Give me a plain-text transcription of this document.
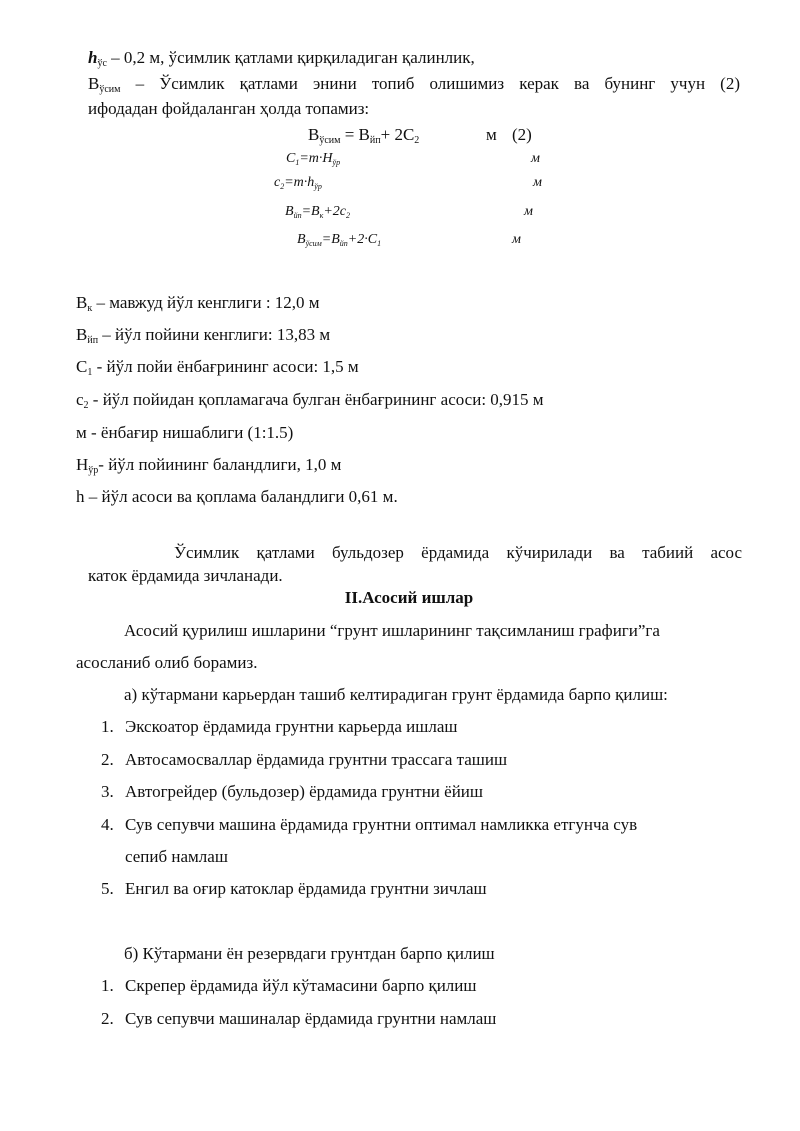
$h_{ўс} - 0,2$ м, ўсимлик қатлами қирқиладиган қалинлик,
$В_{ўсим}$ – Ўсимлик қатлами энини топиб олишимиз керак ва бунинг учун (2)
ифодадан фойдаланган ҳолда топамиз:
$В_{ўсим} = В_{йп}+ 2С_2$	м (2)
$C_1=m\cdot H_{ўр}$	м
$c_2=m\cdot h_{ўр}$	м
$B_{йп}=B_к+2c_2$	м
$B_{ўсим}=B_{йп}+2\cdot C_1$	м
$В_к$ – мавжуд йўл кенглиги : 12,0 м
$В_{йп}$ – йўл пойини кенглиги: 13,83 м
$С_1$ - йўл пойи ёнбағрининг асоси: 1,5 м
$с_2$ - йўл пойидан қопламагача булган ёнбағрининг асоси: 0,915 м
м - ёнбағир нишаблиги (1:1.5)
$Н_{ўр}-$ йўл пойининг баландлиги, 1,0 м
h – йўл асоси ва қоплама баландлиги 0,61 м.
Ўсимлик қатлами бульдозер ёрдамида кўчирилади ва табиий асос
каток ёрдамида зичланади.
II.Асосий ишлар
Асосий қурилиш ишларини “грунт ишларининг тақсимланиш графиги”га
асосланиб олиб борамиз.
а) кўтармани карьердан ташиб келтирадиган грунт ёрдамида барпо қилиш:
1. Экскоатор ёрдамида грунтни карьерда ишлаш
2. Автосамосваллар ёрдамида грунтни трассага ташиш
3. Автогрейдер (бульдозер) ёрдамида грунтни ёйиш
4. Сув сепувчи машина ёрдамида грунтни оптимал намликка етгунча сув
сепиб намлаш
5. Енгил ва оғир катоклар ёрдамида грунтни зичлаш
б) Кўтармани ён резервдаги грунтдан барпо қилиш
1. Скрепер ёрдамида йўл кўтамасини барпо қилиш
2. Сув сепувчи машиналар ёрдамида грунтни намлаш
